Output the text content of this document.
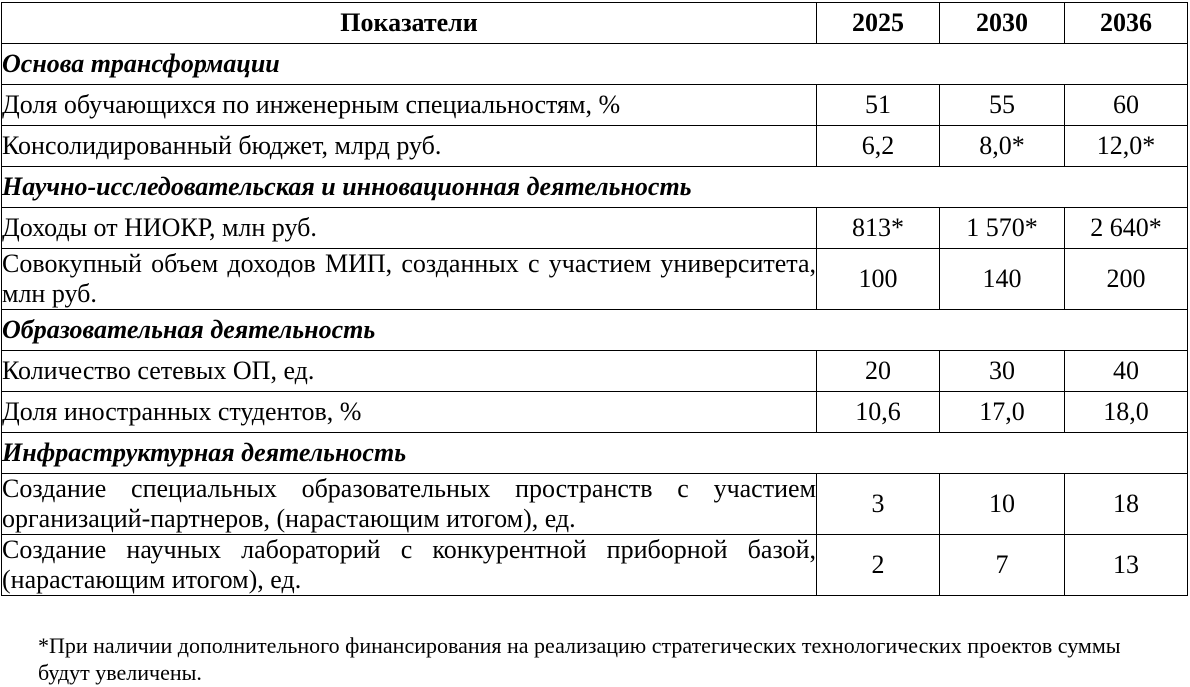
Показатели	2025	2030	2036
Основа трансформации			
Доля обучающихся по инженерным специальностям, %	51	55	60
Консолидированный бюджет, млрд руб.	6,2	8,0*	12,0*
Научно-исследовательская и инновационная деятельность			
Доходы от НИОКР, млн руб.	813*	1 570*	2 640*
Совокупный объем доходов МИП, созданных с участием университета, млн руб.	100	140	200
Образовательная деятельность			
Количество сетевых ОП, ед.	20	30	40
Доля иностранных студентов, %	10,6	17,0	18,0
Инфраструктурная деятельность			
Создание специальных образовательных пространств с участием организаций-партнеров, (нарастающим итогом), ед.	3	10	18
Создание научных лабораторий с конкурентной приборной базой, (нарастающим итогом), ед.	2	7	13
*При наличии дополнительного финансирования на реализацию стратегических технологических проектов суммы будут увеличены.
